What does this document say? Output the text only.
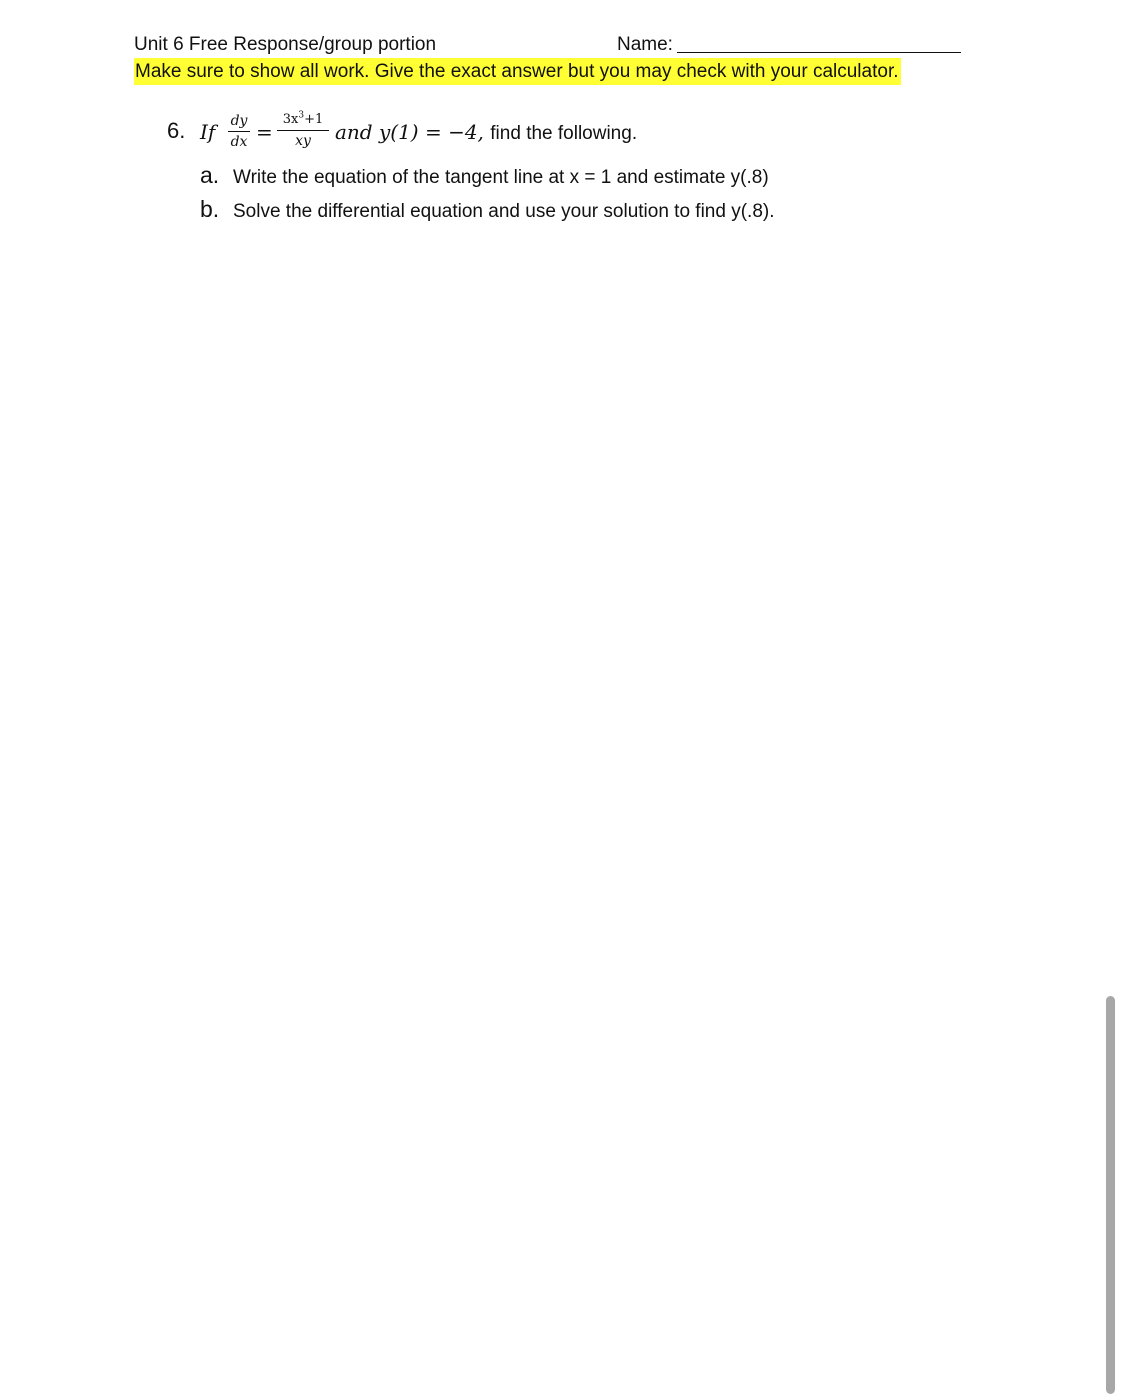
Unit 6 Free Response/group portion	Name:
Make sure to show all work. Give the exact answer but you may check with your calculator.
6. If dy
dx =
$3x^3+1$
xy	and y(1) = −4, find the following.
a. Write the equation of the tangent line at x = 1 and estimate y(.8)
b. Solve the differential equation and use your solution to find y(.8).
